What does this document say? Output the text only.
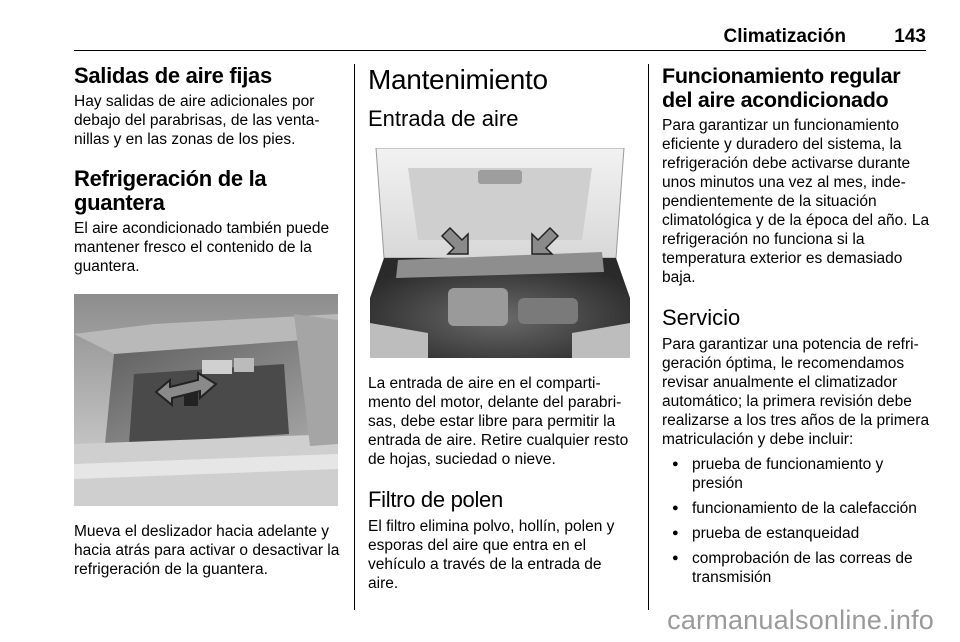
Climatización	143
Salidas de aire fijas

Hay salidas de aire adicionales por debajo del parabrisas, de las venta-nillas y en las zonas de los pies.

Refrigeración de la guantera

El aire acondicionado también puede mantener fresco el contenido de la guantera.

Mueva el deslizador hacia adelante y hacia atrás para activar o desactivar la refrigeración de la guantera.

Mantenimiento
Entrada de aire

La entrada de aire en el comparti-mento del motor, delante del parabri-sas, debe estar libre para permitir la entrada de aire. Retire cualquier resto de hojas, suciedad o nieve.

Filtro de polen

El filtro elimina polvo, hollín, polen y esporas del aire que entra en el vehículo a través de la entrada de aire.

Funcionamiento regular del aire acondicionado

Para garantizar un funcionamiento eficiente y duradero del sistema, la refrigeración debe activarse durante unos minutos una vez al mes, inde-pendientemente de la situación climatológica y de la época del año. La refrigeración no funciona si la temperatura exterior es demasiado baja.

Servicio

Para garantizar una potencia de refri-geración óptima, le recomendamos revisar anualmente el climatizador automático; la primera revisión debe realizarse a los tres años de la primera matriculación y debe incluir:

● prueba de funcionamiento y presión
● funcionamiento de la calefacción
● prueba de estanqueidad
● comprobación de las correas de transmisión
carmanualsonline.info
